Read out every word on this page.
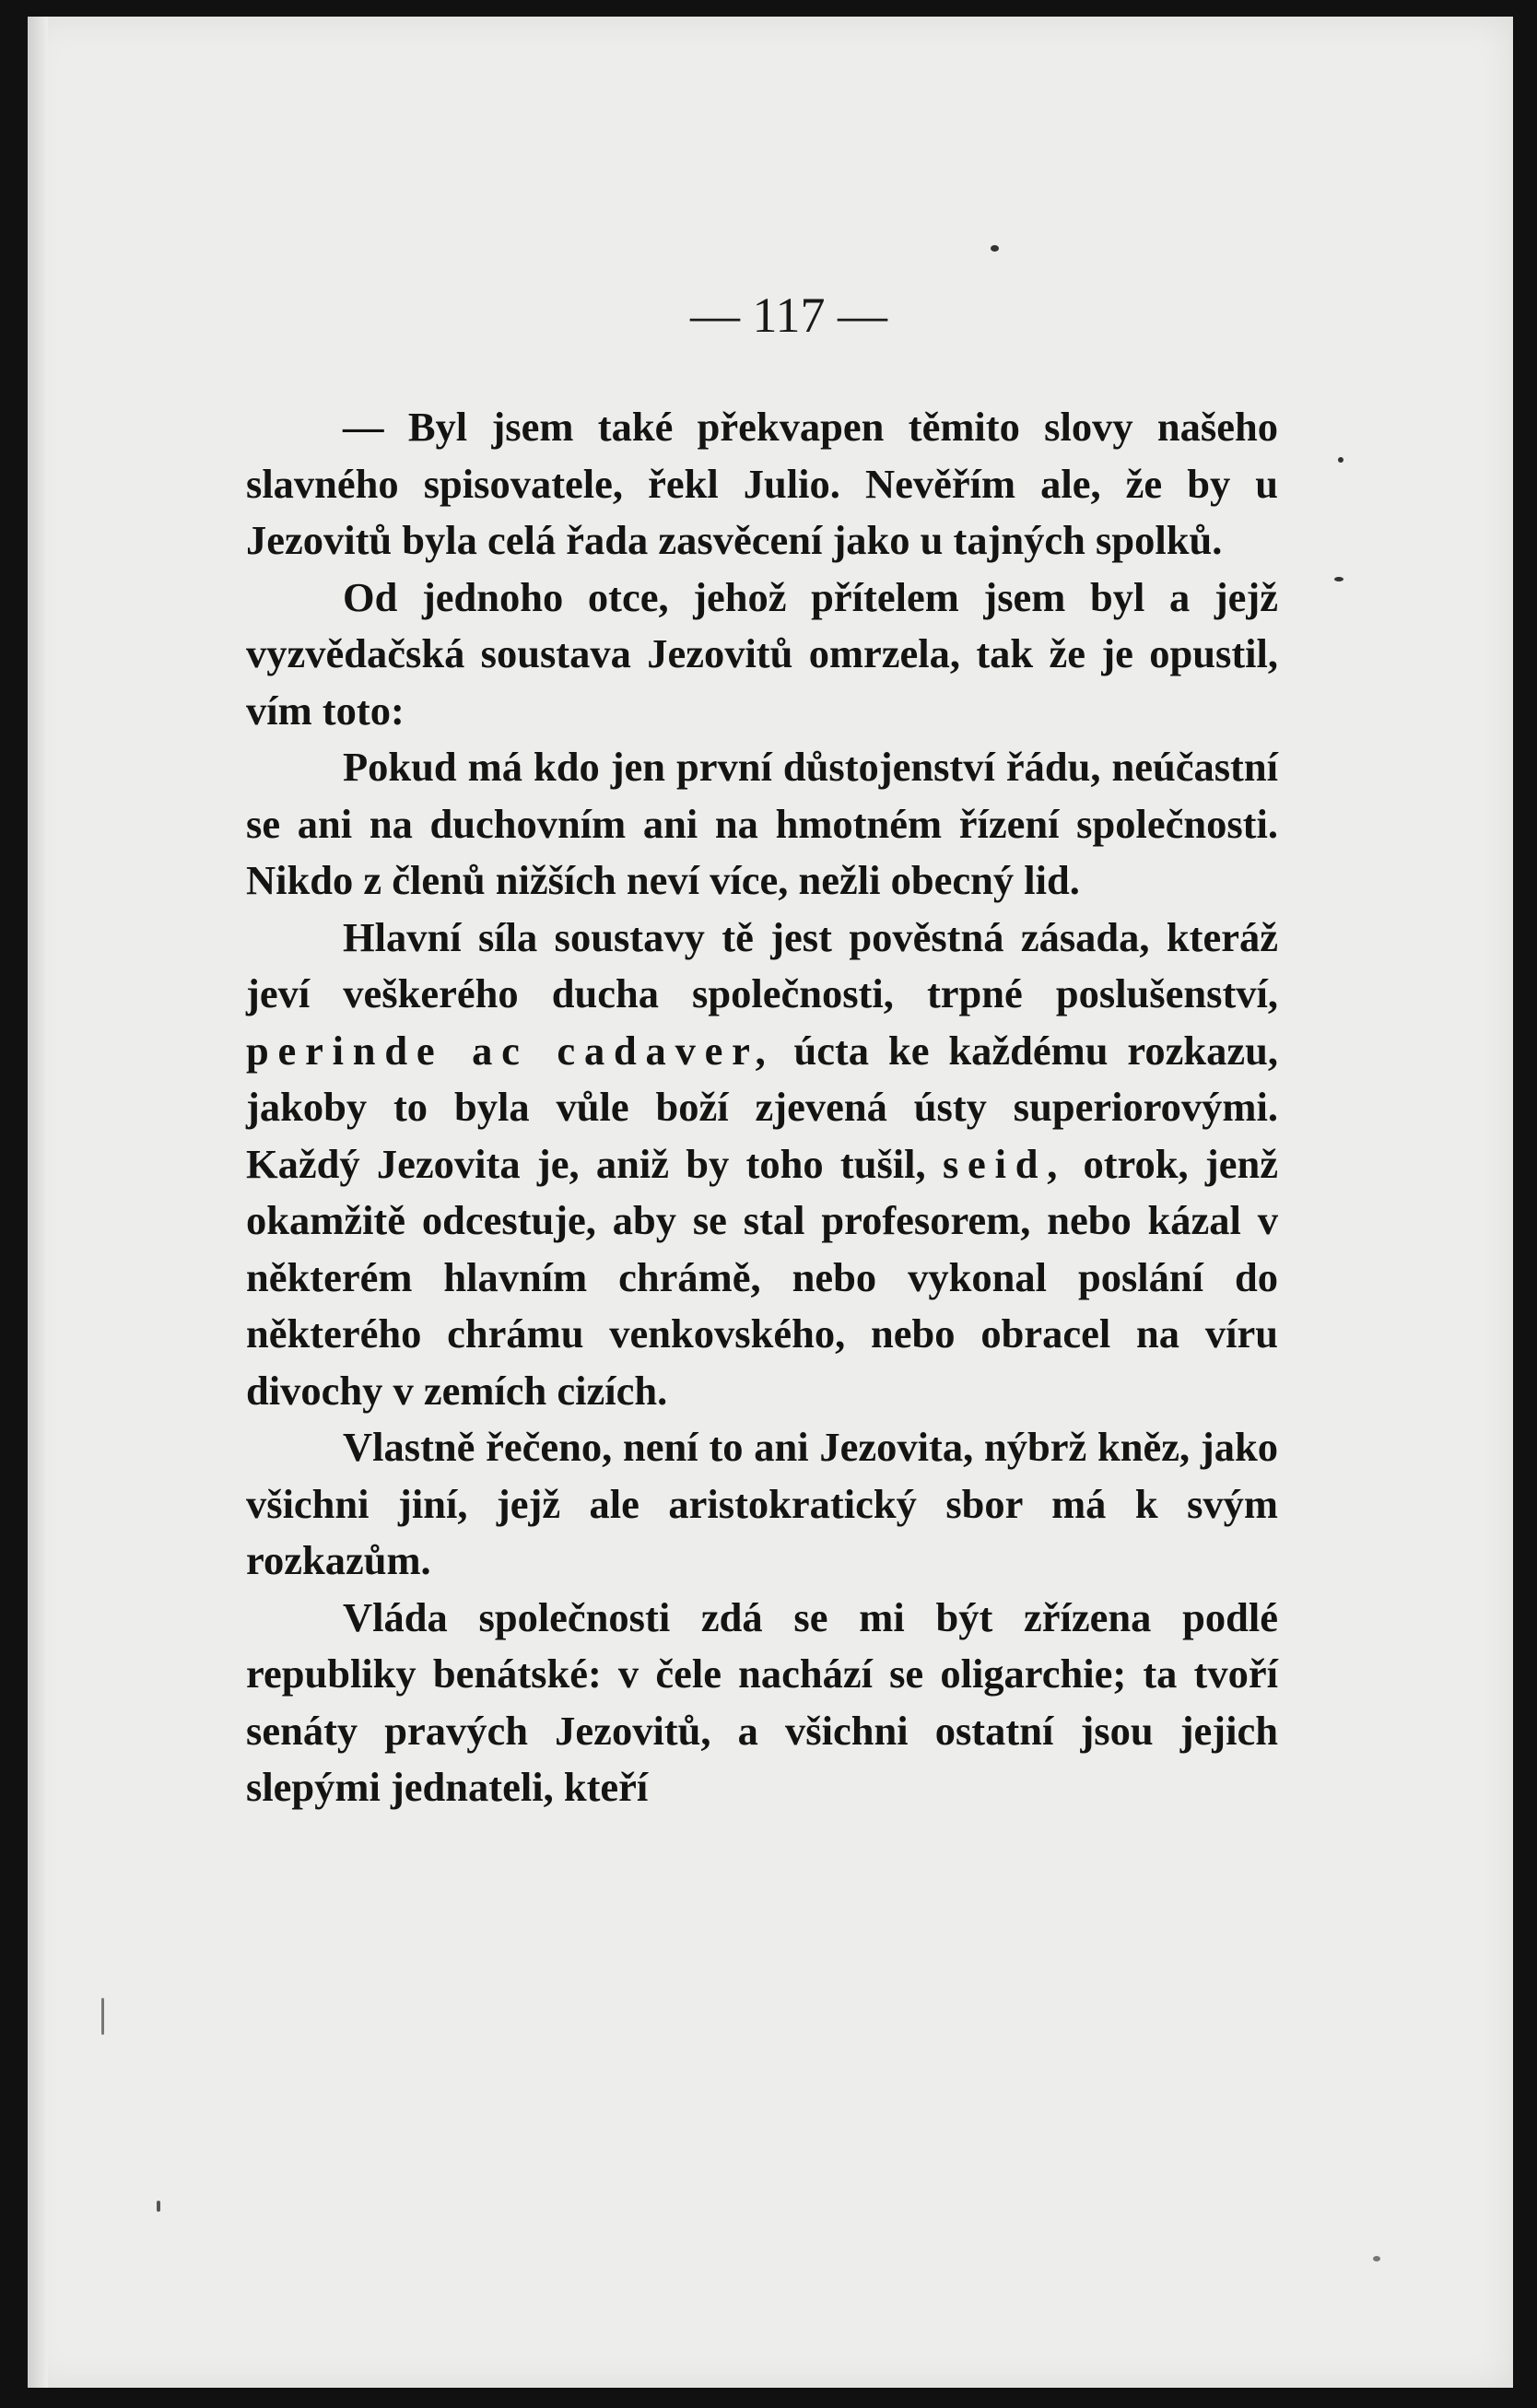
— 117 —

— Byl jsem také překvapen těmito slovy našeho slavného spisovatele, řekl Julio. Nevěřím ale, že by u Jezovitů byla celá řada zasvěcení jako u tajných spolků.

Od jednoho otce, jehož přítelem jsem byl a jejž vyzvědačská soustava Jezovitů omrzela, tak že je opustil, vím toto:

Pokud má kdo jen první důstojenství řádu, neúčastní se ani na duchovním ani na hmotném řízení společnosti. Nikdo z členů nižších neví více, nežli obecný lid.

Hlavní síla soustavy tě jest pověstná zásada, kteráž jeví veškerého ducha společnosti, trpné poslušenství, perinde ac cadaver, úcta ke každému rozkazu, jakoby to byla vůle boží zjevená ústy superiorovými. Každý Jezovita je, aniž by toho tušil, seid, otrok, jenž okamžitě odcestuje, aby se stal profesorem, nebo kázal v některém hlavním chrámě, nebo vykonal poslání do některého chrámu venkovského, nebo obracel na víru divochy v zemích cizích.

Vlastně řečeno, není to ani Jezovita, nýbrž kněz, jako všichni jiní, jejž ale aristokratický sbor má k svým rozkazům.

Vláda společnosti zdá se mi být zřízena podlé republiky benátské: v čele nachází se oligarchie; ta tvoří senáty pravých Jezovitů, a všichni ostatní jsou jejich slepými jednateli, kteří
